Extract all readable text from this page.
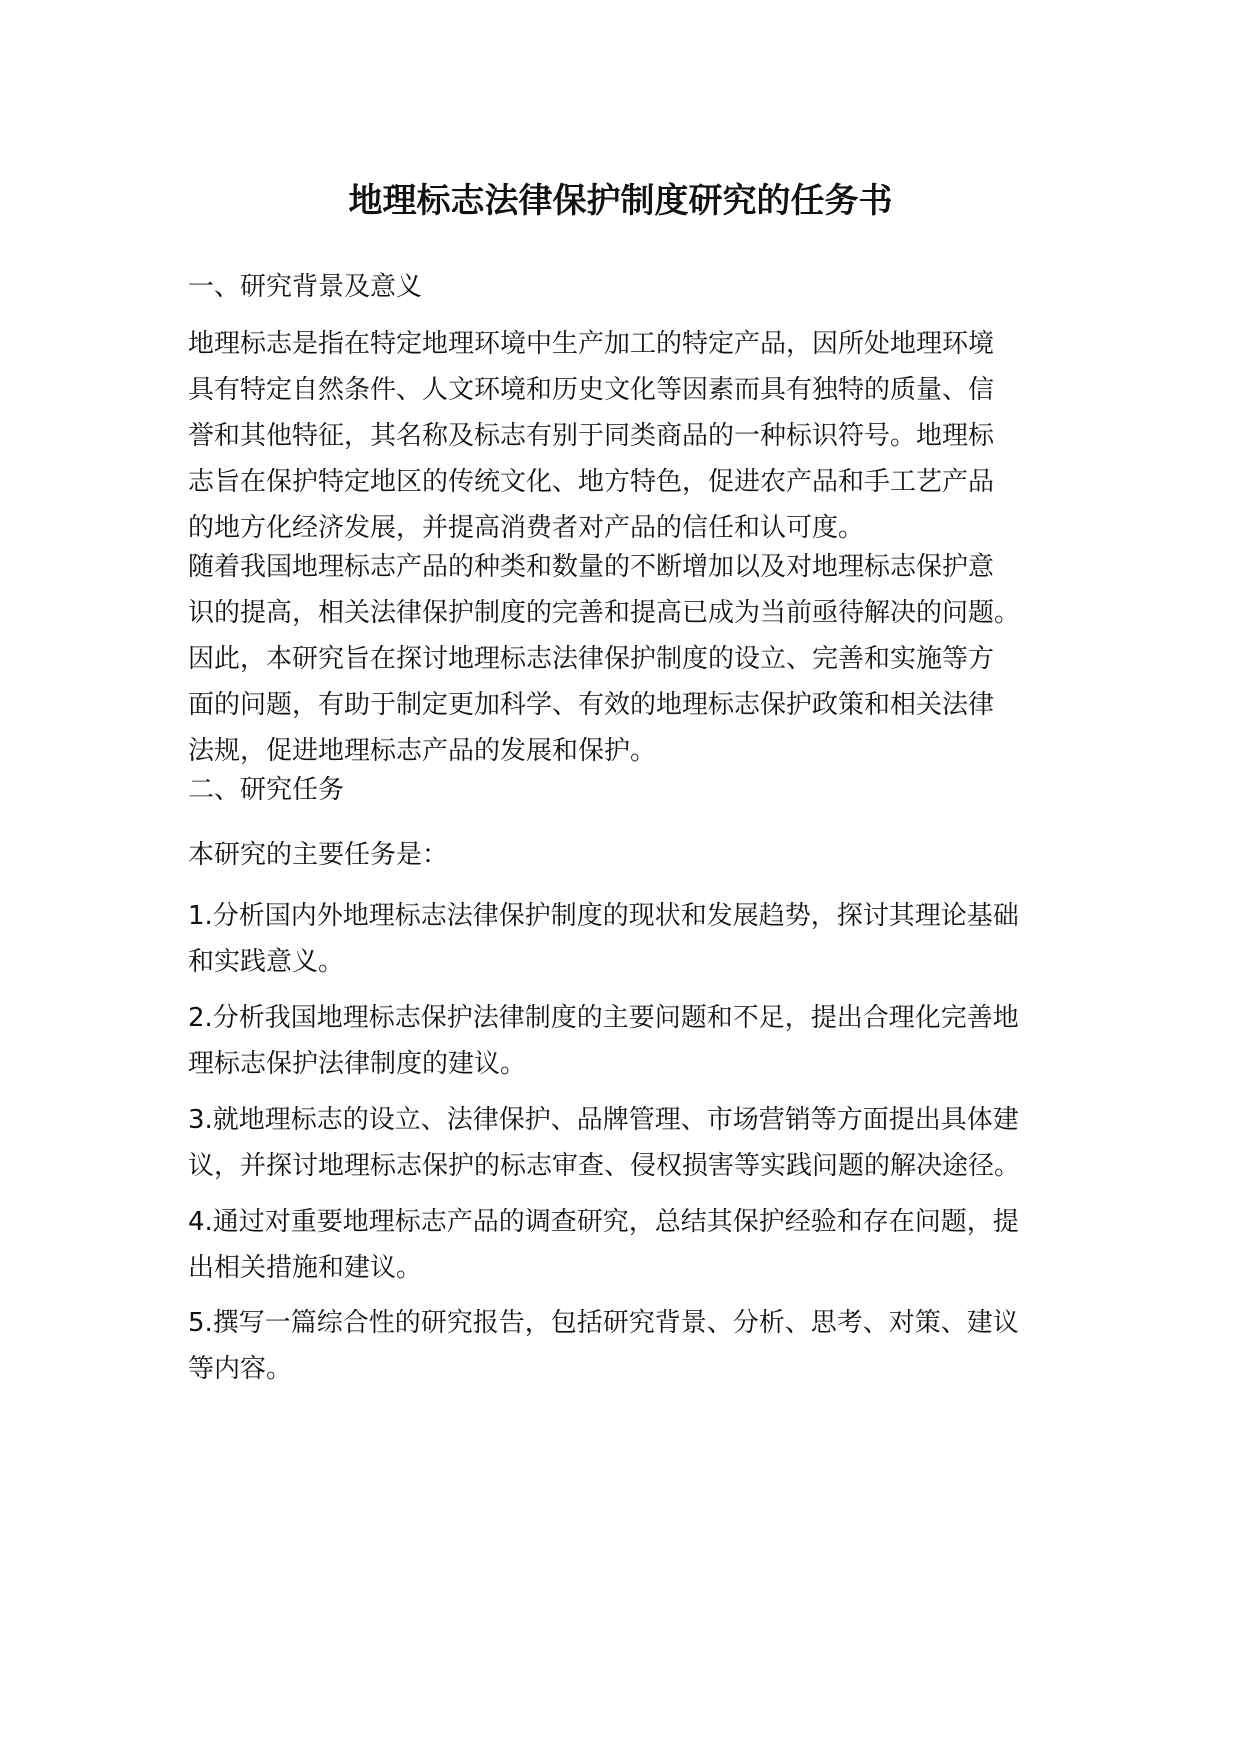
地理标志法律保护制度研究的任务书

一、研究背景及意义

地理标志是指在特定地理环境中生产加工的特定产品，因所处地理环境
具有特定自然条件、人文环境和历史文化等因素而具有独特的质量、信
誉和其他特征，其名称及标志有别于同类商品的一种标识符号。地理标
志旨在保护特定地区的传统文化、地方特色，促进农产品和手工艺产品
的地方化经济发展，并提高消费者对产品的信任和认可度。
随着我国地理标志产品的种类和数量的不断增加以及对地理标志保护意
识的提高，相关法律保护制度的完善和提高已成为当前亟待解决的问题。
因此，本研究旨在探讨地理标志法律保护制度的设立、完善和实施等方
面的问题，有助于制定更加科学、有效的地理标志保护政策和相关法律
法规，促进地理标志产品的发展和保护。

二、研究任务

本研究的主要任务是：

1.分析国内外地理标志法律保护制度的现状和发展趋势，探讨其理论基础
和实践意义。
2.分析我国地理标志保护法律制度的主要问题和不足，提出合理化完善地
理标志保护法律制度的建议。
3.就地理标志的设立、法律保护、品牌管理、市场营销等方面提出具体建
议，并探讨地理标志保护的标志审查、侵权损害等实践问题的解决途径。
4.通过对重要地理标志产品的调查研究，总结其保护经验和存在问题，提
出相关措施和建议。
5.撰写一篇综合性的研究报告，包括研究背景、分析、思考、对策、建议
等内容。
